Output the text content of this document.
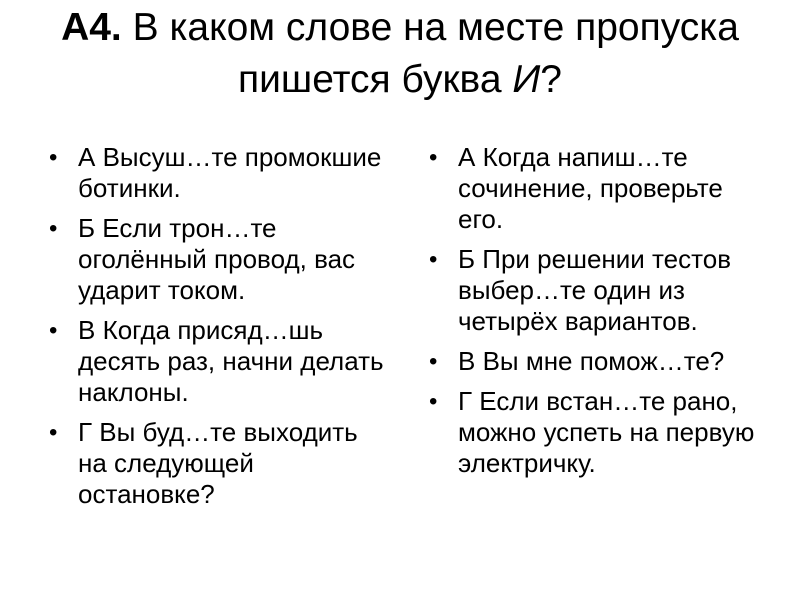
А4. В каком слове на месте пропуска пишется буква И?
• А Высуш…те промокшие ботинки.
• Б Если трон…те оголённый провод, вас ударит током.
• В Когда присяд…шь десять раз, начни делать наклоны.
• Г Вы буд…те выходить на следующей остановке?
• А Когда напиш…те сочинение, проверьте его.
• Б При решении тестов выбер…те один из четырёх вариантов.
• В Вы мне помож…те?
• Г Если встан…те рано, можно успеть на первую электричку.
